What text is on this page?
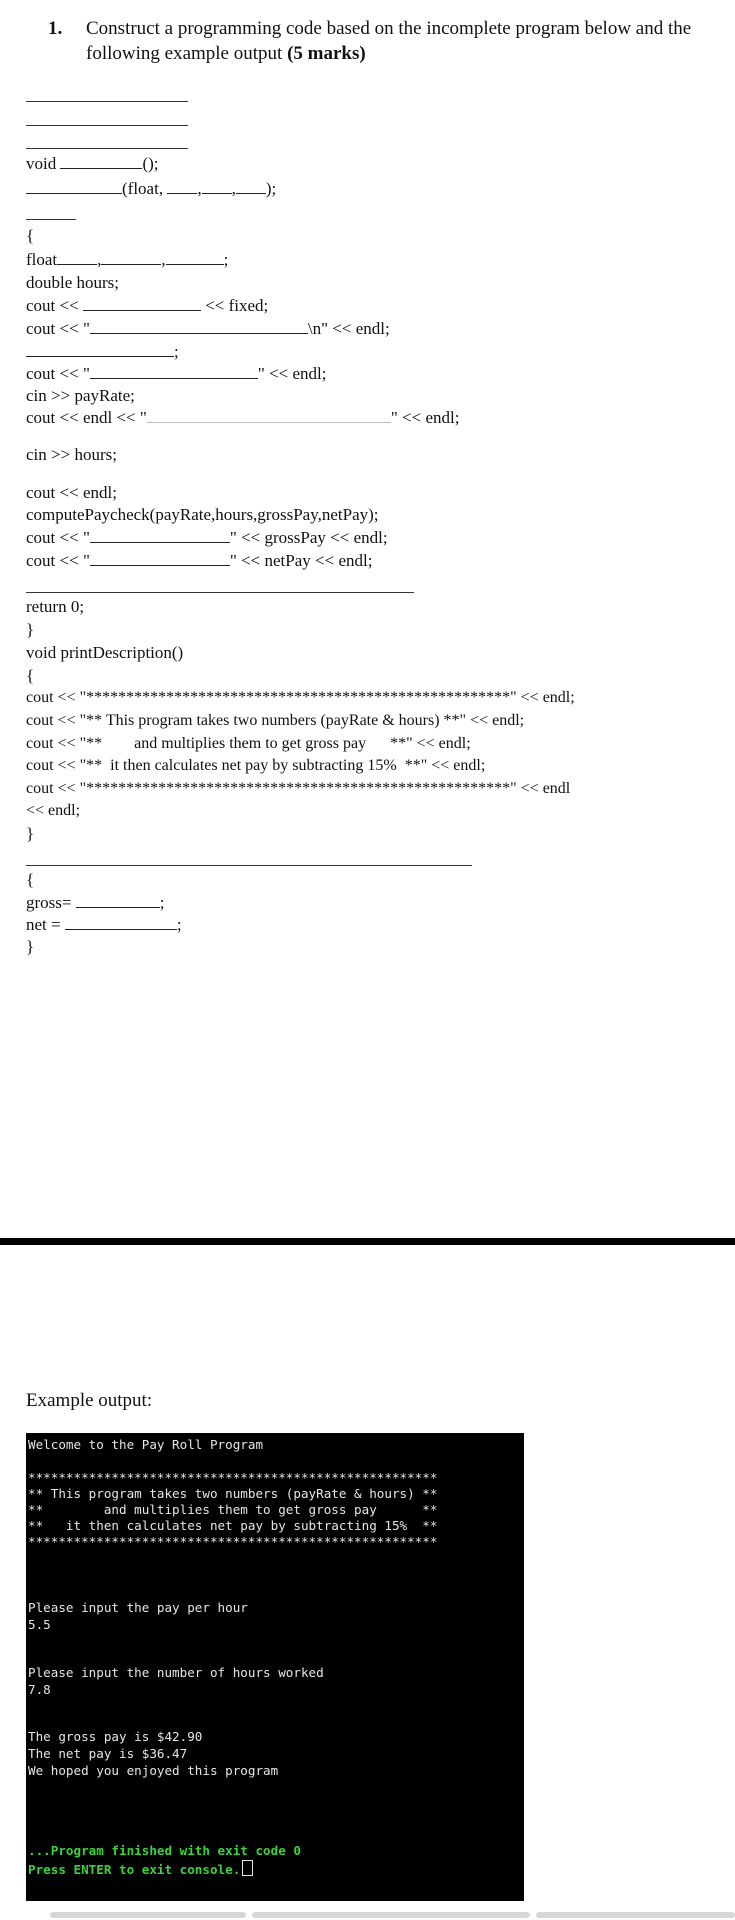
1. Construct a programming code based on the incomplete program below and the
following example output (5 marks)
void	();
(float, , , );
{
float ,	,	;
double hours;
cout <<	<< fixed;
cout << "	\n" << endl;
;
cout << "	" << endl;
cin >> payRate;
cout << endl << "	" << endl;
cin >> hours;
cout << endl;
computePaycheck(payRate,hours,grossPay,netPay);
cout << "	" << grossPay << endl;
cout << "	" << netPay << endl;
return 0;
}
void printDescription()
{
cout << "*****************************************************" << endl;
cout << "** This program takes two numbers (payRate & hours) **" << endl;
cout << "**        and multiplies them to get gross pay      **" << endl;
cout << "**  it then calculates net pay by subtracting 15%  **" << endl;
cout << "*****************************************************" << endl
<< endl;
}
{
gross=	;
net =	;
}
Example output:
Welcome to the Pay Roll Program
******************************************************
** This program takes two numbers (payRate & hours) **
**        and multiplies them to get gross pay      **
**   it then calculates net pay by subtracting 15%  **
******************************************************
Please input the pay per hour
5.5
Please input the number of hours worked
7.8
The gross pay is $42.90
The net pay is $36.47
We hoped you enjoyed this program
...Program finished with exit code 0
Press ENTER to exit console.
